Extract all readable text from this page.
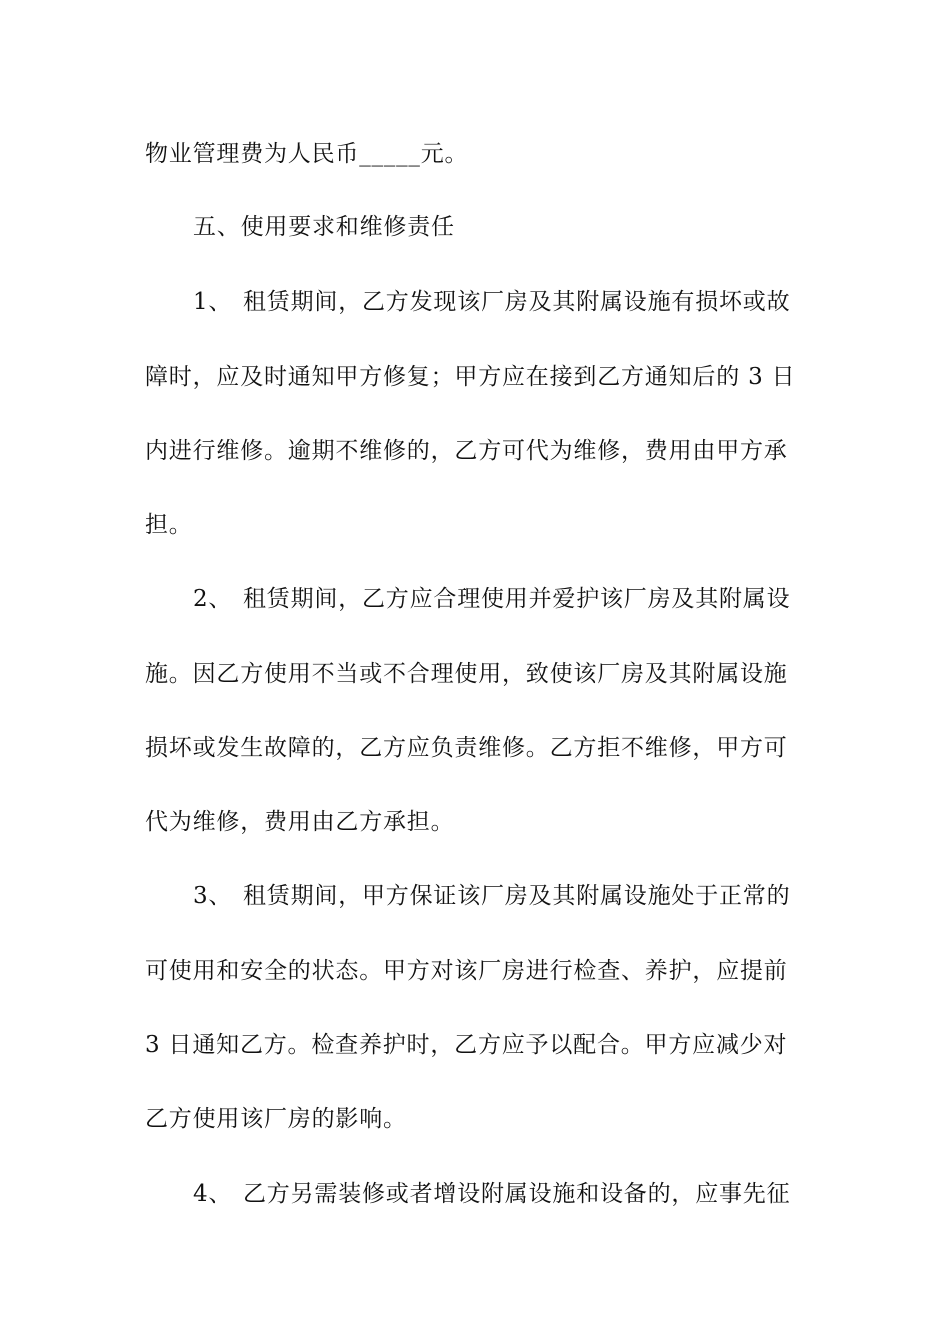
物业管理费为人民币_____元。
五、使用要求和维修责任
1、 租赁期间，乙方发现该厂房及其附属设施有损坏或故
障时，应及时通知甲方修复；甲方应在接到乙方通知后的 3 日
内进行维修。逾期不维修的，乙方可代为维修，费用由甲方承
担。
2、 租赁期间，乙方应合理使用并爱护该厂房及其附属设
施。因乙方使用不当或不合理使用，致使该厂房及其附属设施
损坏或发生故障的，乙方应负责维修。乙方拒不维修，甲方可
代为维修，费用由乙方承担。
3、 租赁期间，甲方保证该厂房及其附属设施处于正常的
可使用和安全的状态。甲方对该厂房进行检查、养护，应提前
3 日通知乙方。检查养护时，乙方应予以配合。甲方应减少对
乙方使用该厂房的影响。
4、 乙方另需装修或者增设附属设施和设备的，应事先征
